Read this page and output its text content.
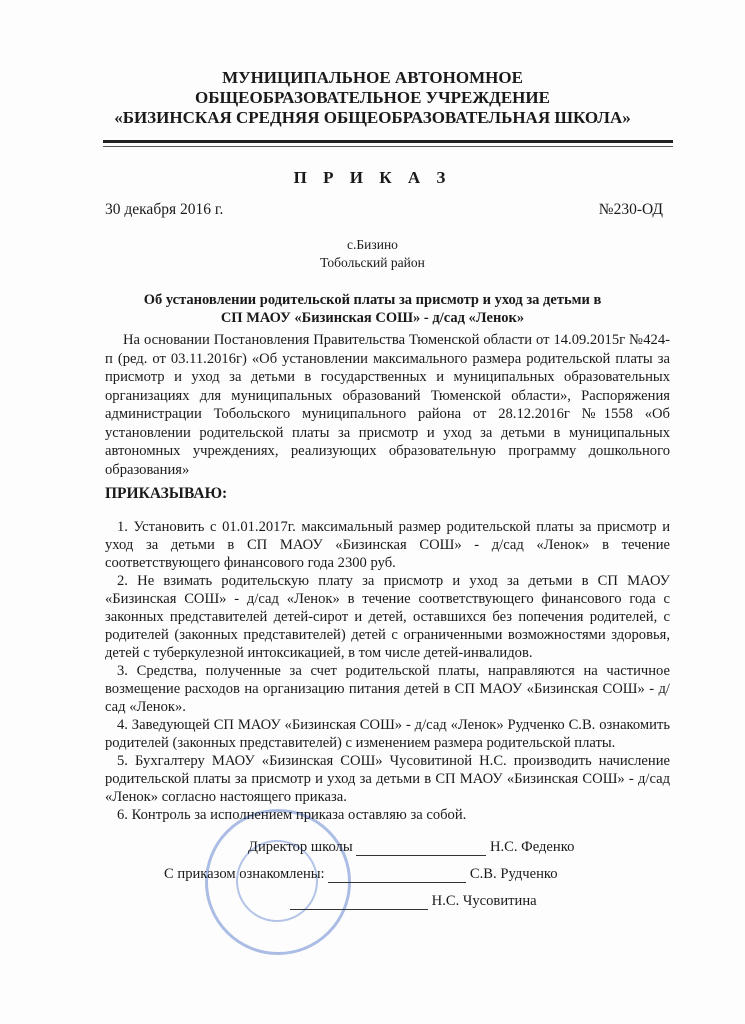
МУНИЦИПАЛЬНОЕ АВТОНОМНОЕ
ОБЩЕОБРАЗОВАТЕЛЬНОЕ УЧРЕЖДЕНИЕ
«БИЗИНСКАЯ СРЕДНЯЯ ОБЩЕОБРАЗОВАТЕЛЬНАЯ ШКОЛА»
П Р И К А З
30 декабря 2016 г.	№230-ОД
с.Бизино
Тобольский район
Об установлении родительской платы за присмотр и уход за детьми в
СП МАОУ «Бизинская СОШ» - д/сад «Ленок»

На основании Постановления Правительства Тюменской области от 14.09.2015г №424-п (ред. от 03.11.2016г) «Об установлении максимального размера родительской платы за присмотр и уход за детьми в государственных и муниципальных образовательных организациях для муниципальных образований Тюменской области», Распоряжения администрации Тобольского муниципального района от 28.12.2016г №1558 «Об установлении родительской платы за присмотр и уход за детьми в муниципальных автономных учреждениях, реализующих образовательную программу дошкольного образования»

ПРИКАЗЫВАЮ:

1. Установить с 01.01.2017г. максимальный размер родительской платы за присмотр и уход за детьми в СП МАОУ «Бизинская СОШ» - д/сад «Ленок» в течение соответствующего финансового года 2300 руб.

2. Не взимать родительскую плату за присмотр и уход за детьми в СП МАОУ «Бизинская СОШ» - д/сад «Ленок» в течение соответствующего финансового года с законных представителей детей-сирот и детей, оставшихся без попечения родителей, с родителей (законных представителей) детей с ограниченными возможностями здоровья, детей с туберкулезной интоксикацией, в том числе детей-инвалидов.

3. Средства, полученные за счет родительской платы, направляются на частичное возмещение расходов на организацию питания детей в СП МАОУ «Бизинская СОШ» - д/сад «Ленок».

4. Заведующей СП МАОУ «Бизинская СОШ» - д/сад «Ленок» Рудченко С.В. ознакомить родителей (законных представителей) с изменением размера родительской платы.

5. Бухгалтеру МАОУ «Бизинская СОШ» Чусовитиной Н.С. производить начисление родительской платы за присмотр и уход за детьми в СП МАОУ «Бизинская СОШ» - д/сад «Ленок» согласно настоящего приказа.

6. Контроль за исполнением приказа оставляю за собой.

Директор школы	Н.С. Феденко
С приказом ознакомлены:	С.В. Рудченко
Н.С. Чусовитина
